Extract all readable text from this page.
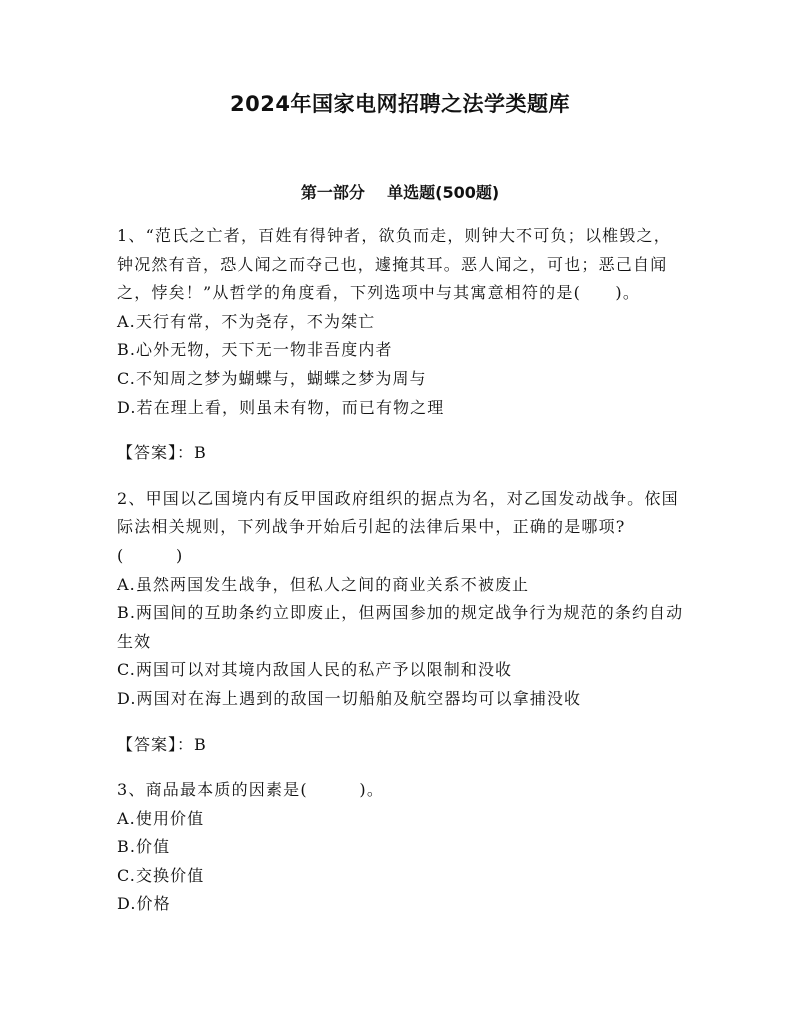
2024年国家电网招聘之法学类题库
第一部分    单选题(500题)

1、“范氏之亡者，百姓有得钟者，欲负而走，则钟大不可负；以椎毁之，钟况然有音，恐人闻之而夺己也，遽掩其耳。恶人闻之，可也；恶己自闻之，悖矣！”从哲学的角度看，下列选项中与其寓意相符的是(　　)。

A.天行有常，不为尧存，不为桀亡
B.心外无物，天下无一物非吾度内者
C.不知周之梦为蝴蝶与，蝴蝶之梦为周与
D.若在理上看，则虽未有物，而已有物之理
【答案】：B

2、甲国以乙国境内有反甲国政府组织的据点为名，对乙国发动战争。依国际法相关规则，下列战争开始后引起的法律后果中，正确的是哪项?(　　　)

A.虽然两国发生战争，但私人之间的商业关系不被废止
B.两国间的互助条约立即废止，但两国参加的规定战争行为规范的条约自动生效
C.两国可以对其境内敌国人民的私产予以限制和没收
D.两国对在海上遇到的敌国一切船舶及航空器均可以拿捕没收
【答案】：B

3、商品最本质的因素是(　　　)。

A.使用价值
B.价值
C.交换价值
D.价格
